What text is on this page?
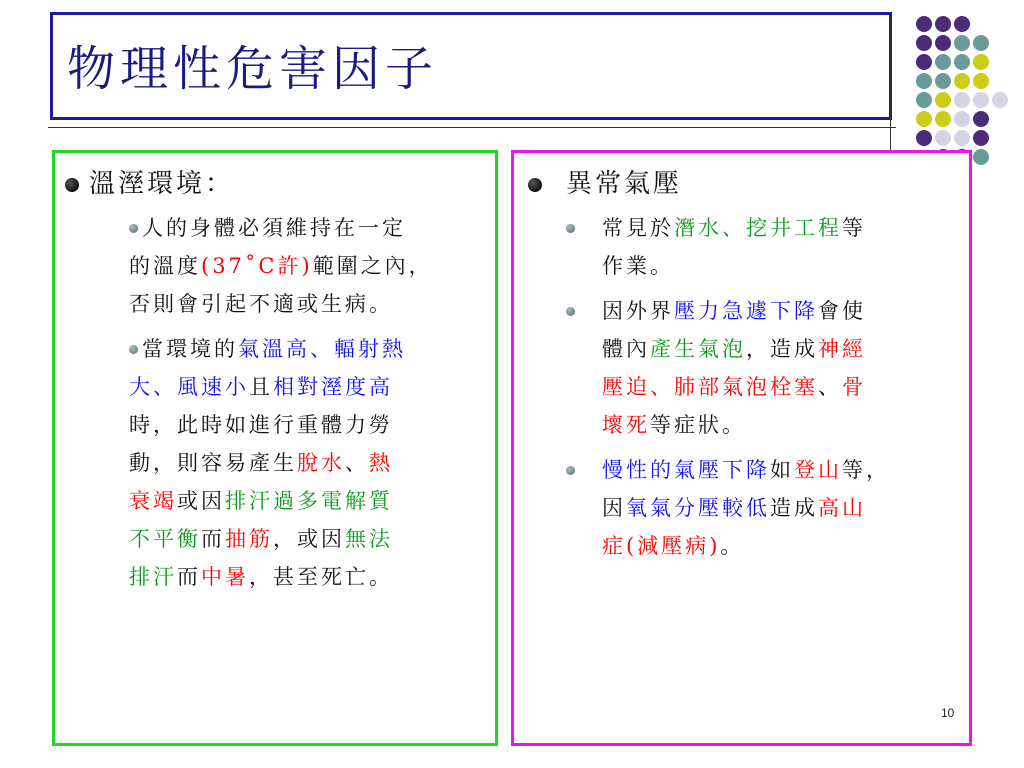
物理性危害因子
溫溼環境：
人的身體必須維持在一定
的溫度(37˚C許)範圍之內，
否則會引起不適或生病。
當環境的氣溫高、輻射熱
大、風速小且相對溼度高
時，此時如進行重體力勞
動，則容易產生脫水、熱
衰竭或因排汗過多電解質
不平衡而抽筋，或因無法
排汗而中暑，甚至死亡。
異常氣壓
常見於潛水、挖井工程等
作業。
因外界壓力急遽下降會使
體內產生氣泡，造成神經
壓迫、肺部氣泡栓塞、骨
壞死等症狀。
慢性的氣壓下降如登山等，
因氧氣分壓較低造成高山
症(減壓病)。
10
